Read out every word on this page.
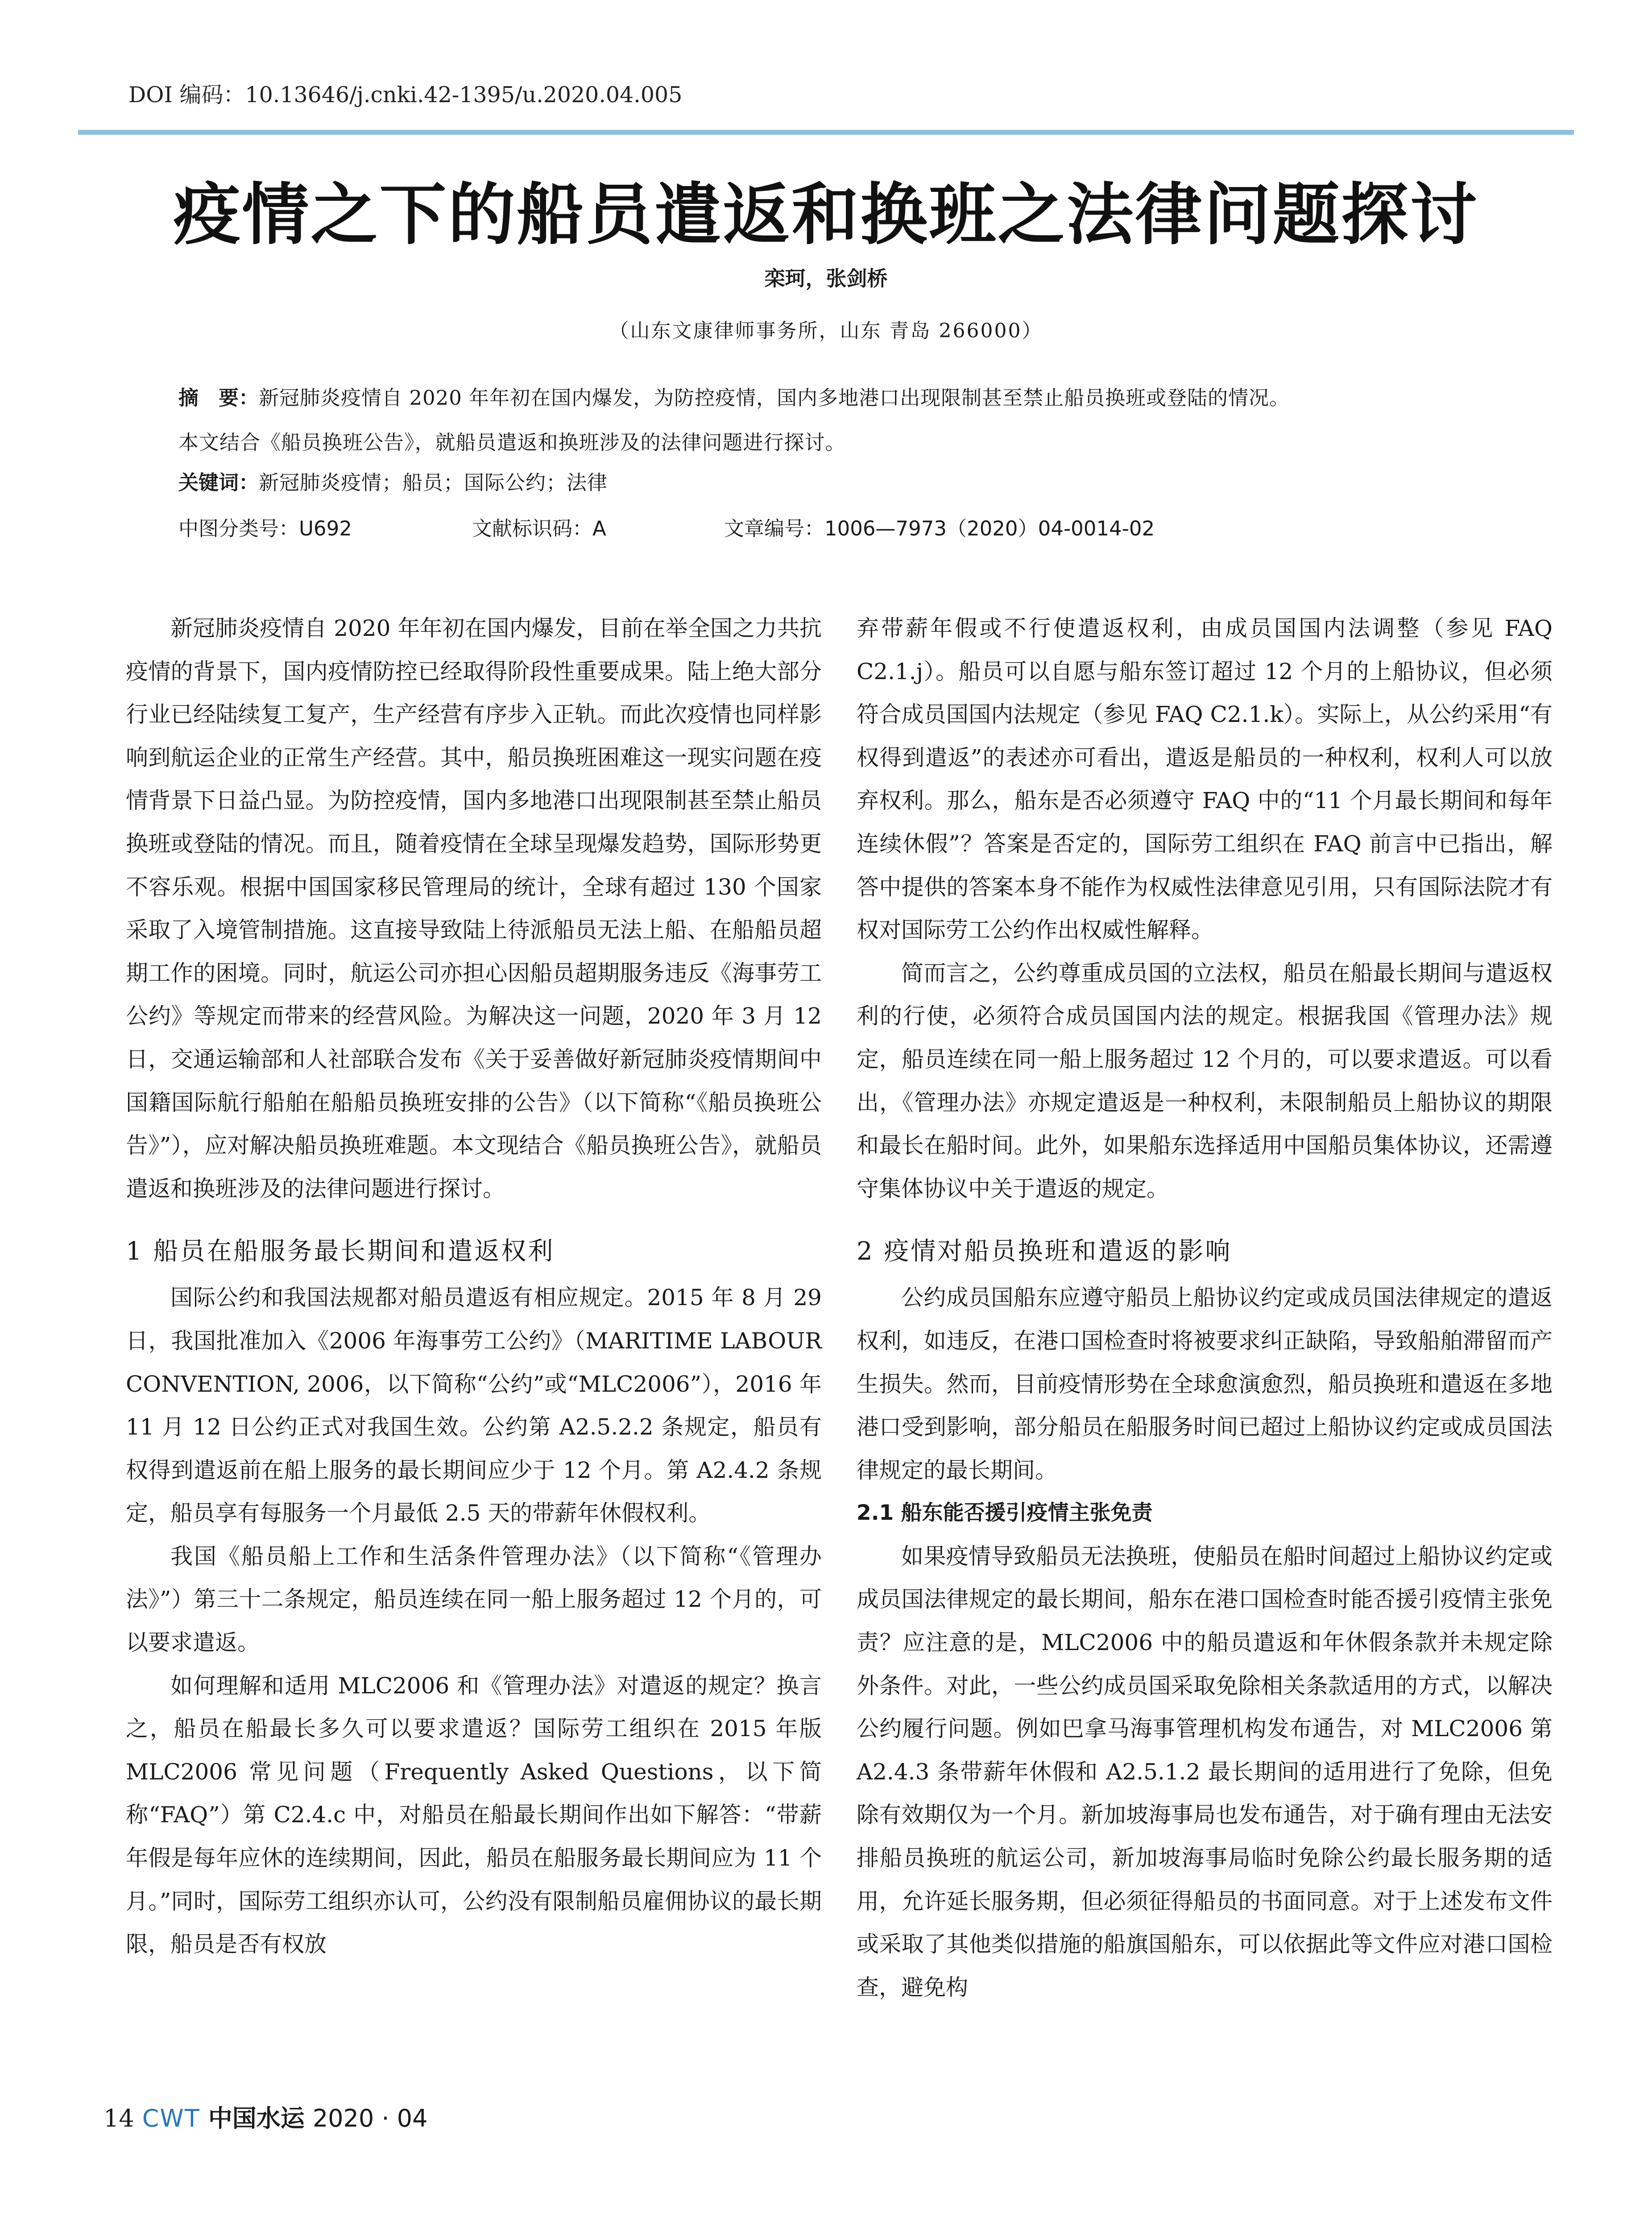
DOI 编码：10.13646/j.cnki.42-1395/u.2020.04.005
疫情之下的船员遣返和换班之法律问题探讨
栾珂，张剑桥
（山东文康律师事务所，山东 青岛 266000）
摘　要：新冠肺炎疫情自 2020 年年初在国内爆发，为防控疫情，国内多地港口出现限制甚至禁止船员换班或登陆的情况。
本文结合《船员换班公告》，就船员遣返和换班涉及的法律问题进行探讨。
关键词：新冠肺炎疫情；船员；国际公约；法律
中图分类号：U692	文献标识码：A	文章编号：1006—7973（2020）04-0014-02

新冠肺炎疫情自 2020 年年初在国内爆发，目前在举全国之力共抗疫情的背景下，国内疫情防控已经取得阶段性重要成果。陆上绝大部分行业已经陆续复工复产，生产经营有序步入正轨。而此次疫情也同样影响到航运企业的正常生产经营。其中，船员换班困难这一现实问题在疫情背景下日益凸显。为防控疫情，国内多地港口出现限制甚至禁止船员换班或登陆的情况。而且，随着疫情在全球呈现爆发趋势，国际形势更不容乐观。根据中国国家移民管理局的统计，全球有超过 130 个国家采取了入境管制措施。这直接导致陆上待派船员无法上船、在船船员超期工作的困境。同时，航运公司亦担心因船员超期服务违反《海事劳工公约》等规定而带来的经营风险。为解决这一问题，2020 年 3 月 12 日，交通运输部和人社部联合发布《关于妥善做好新冠肺炎疫情期间中国籍国际航行船舶在船船员换班安排的公告》（以下简称“《船员换班公告》”），应对解决船员换班难题。本文现结合《船员换班公告》，就船员遣返和换班涉及的法律问题进行探讨。

1 船员在船服务最长期间和遣返权利

国际公约和我国法规都对船员遣返有相应规定。2015 年 8 月 29 日，我国批准加入《2006 年海事劳工公约》（MARITIME LABOUR CONVENTION, 2006，以下简称“公约”或“MLC2006”），2016 年 11 月 12 日公约正式对我国生效。公约第 A2.5.2.2 条规定，船员有权得到遣返前在船上服务的最长期间应少于 12 个月。第 A2.4.2 条规定，船员享有每服务一个月最低 2.5 天的带薪年休假权利。

我国《船员船上工作和生活条件管理办法》（以下简称“《管理办法》”）第三十二条规定，船员连续在同一船上服务超过 12 个月的，可以要求遣返。

如何理解和适用 MLC2006 和《管理办法》对遣返的规定？换言之，船员在船最长多久可以要求遣返？国际劳工组织在 2015 年版 MLC2006 常见问题（Frequently Asked Questions，以下简称“FAQ”）第 C2.4.c 中，对船员在船最长期间作出如下解答：“带薪年假是每年应休的连续期间，因此，船员在船服务最长期间应为 11 个月。”同时，国际劳工组织亦认可，公约没有限制船员雇佣协议的最长期限，船员是否有权放

弃带薪年假或不行使遣返权利，由成员国国内法调整（参见 FAQ C2.1.j）。船员可以自愿与船东签订超过 12 个月的上船协议，但必须符合成员国国内法规定（参见 FAQ C2.1.k）。实际上，从公约采用“有权得到遣返”的表述亦可看出，遣返是船员的一种权利，权利人可以放弃权利。那么，船东是否必须遵守 FAQ 中的“11 个月最长期间和每年连续休假”？答案是否定的，国际劳工组织在 FAQ 前言中已指出，解答中提供的答案本身不能作为权威性法律意见引用，只有国际法院才有权对国际劳工公约作出权威性解释。

简而言之，公约尊重成员国的立法权，船员在船最长期间与遣返权利的行使，必须符合成员国国内法的规定。根据我国《管理办法》规定，船员连续在同一船上服务超过 12 个月的，可以要求遣返。可以看出，《管理办法》亦规定遣返是一种权利，未限制船员上船协议的期限和最长在船时间。此外，如果船东选择适用中国船员集体协议，还需遵守集体协议中关于遣返的规定。

2 疫情对船员换班和遣返的影响

公约成员国船东应遵守船员上船协议约定或成员国法律规定的遣返权利，如违反，在港口国检查时将被要求纠正缺陷，导致船舶滞留而产生损失。然而，目前疫情形势在全球愈演愈烈，船员换班和遣返在多地港口受到影响，部分船员在船服务时间已超过上船协议约定或成员国法律规定的最长期间。

2.1 船东能否援引疫情主张免责

如果疫情导致船员无法换班，使船员在船时间超过上船协议约定或成员国法律规定的最长期间，船东在港口国检查时能否援引疫情主张免责？应注意的是，MLC2006 中的船员遣返和年休假条款并未规定除外条件。对此，一些公约成员国采取免除相关条款适用的方式，以解决公约履行问题。例如巴拿马海事管理机构发布通告，对 MLC2006 第 A2.4.3 条带薪年休假和 A2.5.1.2 最长期间的适用进行了免除，但免除有效期仅为一个月。新加坡海事局也发布通告，对于确有理由无法安排船员换班的航运公司，新加坡海事局临时免除公约最长服务期的适用，允许延长服务期，但必须征得船员的书面同意。对于上述发布文件或采取了其他类似措施的船旗国船东，可以依据此等文件应对港口国检查，避免构

14 CWT 中国水运 2020 · 04
